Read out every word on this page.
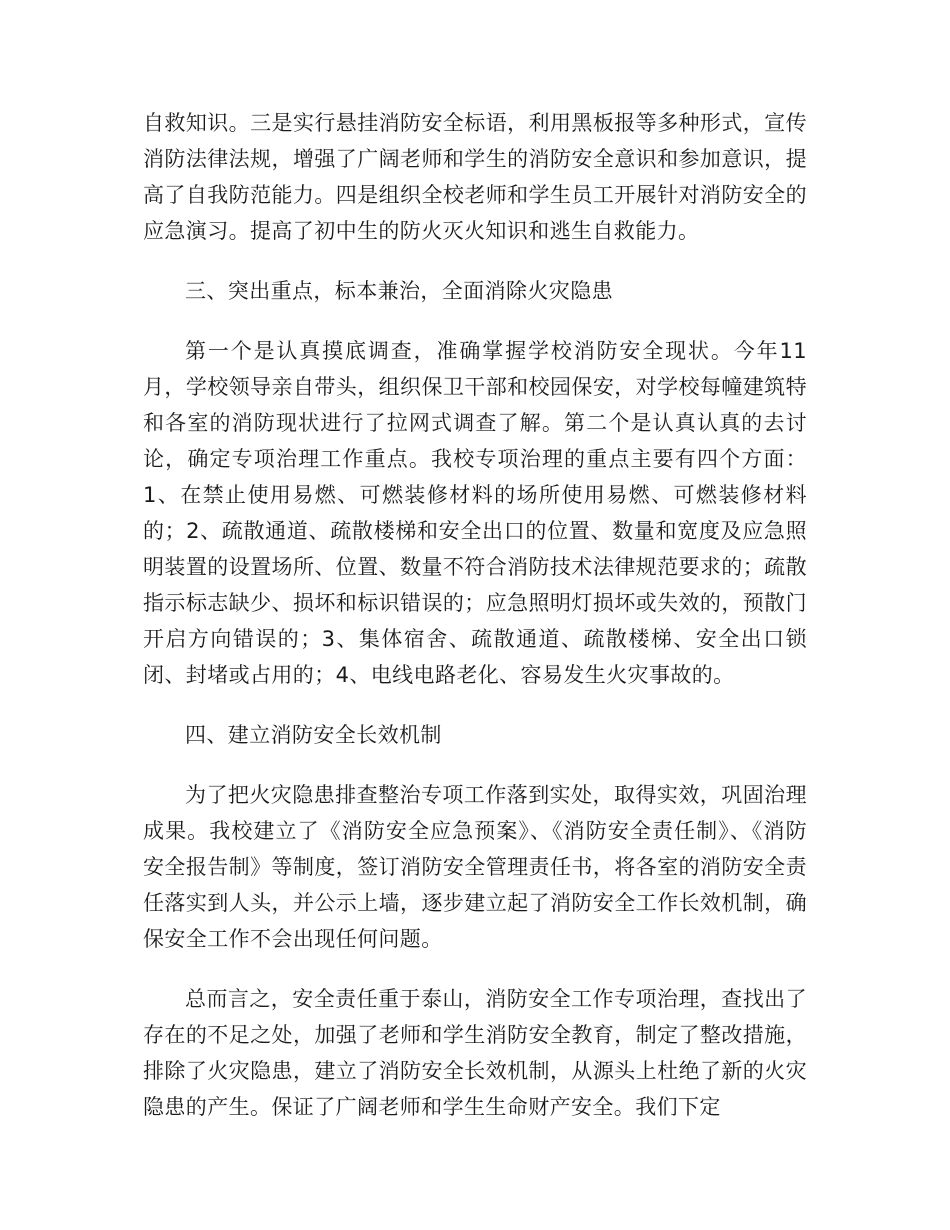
自救知识。三是实行悬挂消防安全标语，利用黑板报等多种形式，宣传消防法律法规，增强了广阔老师和学生的消防安全意识和参加意识，提高了自我防范能力。四是组织全校老师和学生员工开展针对消防安全的应急演习。提高了初中生的防火灭火知识和逃生自救能力。

三、突出重点，标本兼治，全面消除火灾隐患

第一个是认真摸底调查，准确掌握学校消防安全现状。今年11月，学校领导亲自带头，组织保卫干部和校园保安，对学校每幢建筑特和各室的消防现状进行了拉网式调查了解。第二个是认真认真的去讨论，确定专项治理工作重点。我校专项治理的重点主要有四个方面：1、在禁止使用易燃、可燃装修材料的场所使用易燃、可燃装修材料的；2、疏散通道、疏散楼梯和安全出口的位置、数量和宽度及应急照明装置的设置场所、位置、数量不符合消防技术法律规范要求的；疏散指示标志缺少、损坏和标识错误的；应急照明灯损坏或失效的，预散门开启方向错误的；3、集体宿舍、疏散通道、疏散楼梯、安全出口锁闭、封堵或占用的；4、电线电路老化、容易发生火灾事故的。

四、建立消防安全长效机制

为了把火灾隐患排查整治专项工作落到实处，取得实效，巩固治理成果。我校建立了《消防安全应急预案》、《消防安全责任制》、《消防安全报告制》等制度，签订消防安全管理责任书，将各室的消防安全责任落实到人头，并公示上墙，逐步建立起了消防安全工作长效机制，确保安全工作不会出现任何问题。

总而言之，安全责任重于泰山，消防安全工作专项治理，查找出了存在的不足之处，加强了老师和学生消防安全教育，制定了整改措施，排除了火灾隐患，建立了消防安全长效机制，从源头上杜绝了新的火灾隐患的产生。保证了广阔老师和学生生命财产安全。我们下定
